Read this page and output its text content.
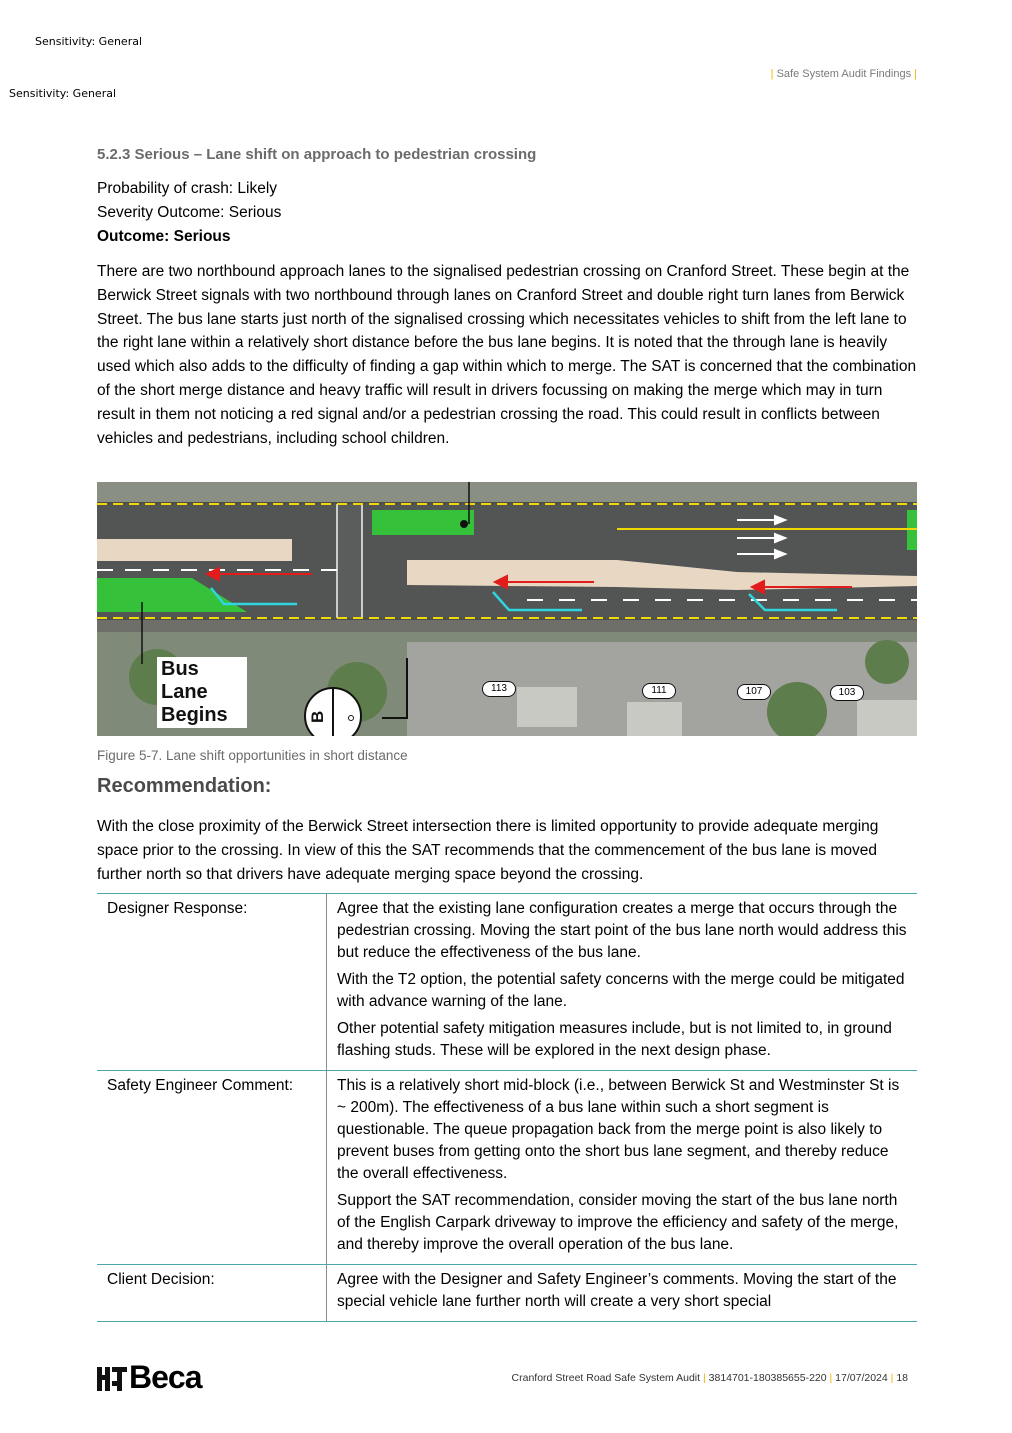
Sensitivity: General
Sensitivity: General
| Safe System Audit Findings |
5.2.3 Serious – Lane shift on approach to pedestrian crossing
Probability of crash: Likely
Severity Outcome: Serious
Outcome: Serious
There are two northbound approach lanes to the signalised pedestrian crossing on Cranford Street. These begin at the Berwick Street signals with two northbound through lanes on Cranford Street and double right turn lanes from Berwick Street. The bus lane starts just north of the signalised crossing which necessitates vehicles to shift from the left lane to the right lane within a relatively short distance before the bus lane begins. It is noted that the through lane is heavily used which also adds to the difficulty of finding a gap within which to merge. The SAT is concerned that the combination of the short merge distance and heavy traffic will result in drivers focussing on making the merge which may in turn result in them not noticing a red signal and/or a pedestrian crossing the road. This could result in conflicts between vehicles and pedestrians, including school children.
Bus
Lane
Begins	B
113	111	107	103
Figure 5-7. Lane shift opportunities in short distance
Recommendation:
With the close proximity of the Berwick Street intersection there is limited opportunity to provide adequate merging space prior to the crossing. In view of this the SAT recommends that the commencement of the bus lane is moved further north so that drivers have adequate merging space beyond the crossing.
Designer Response:	Agree that the existing lane configuration creates a merge that occurs through the pedestrian crossing. Moving the start point of the bus lane north would address this but reduce the effectiveness of the bus lane.

With the T2 option, the potential safety concerns with the merge could be mitigated with advance warning of the lane.

Other potential safety mitigation measures include, but is not limited to, in ground flashing studs. These will be explored in the next design phase.

Safety Engineer Comment:	This is a relatively short mid-block (i.e., between Berwick St and Westminster St is ~ 200m). The effectiveness of a bus lane within such a short segment is questionable. The queue propagation back from the merge point is also likely to prevent buses from getting onto the short bus lane segment, and thereby reduce the overall effectiveness.

Support the SAT recommendation, consider moving the start of the bus lane north of the English Carpark driveway to improve the efficiency and safety of the merge, and thereby improve the overall operation of the bus lane.

Client Decision:	Agree with the Designer and Safety Engineer’s comments. Moving the start of the special vehicle lane further north will create a very short special

Beca	Cranford Street Road Safe System Audit | 3814701-180385655-220 | 17/07/2024 | 18
